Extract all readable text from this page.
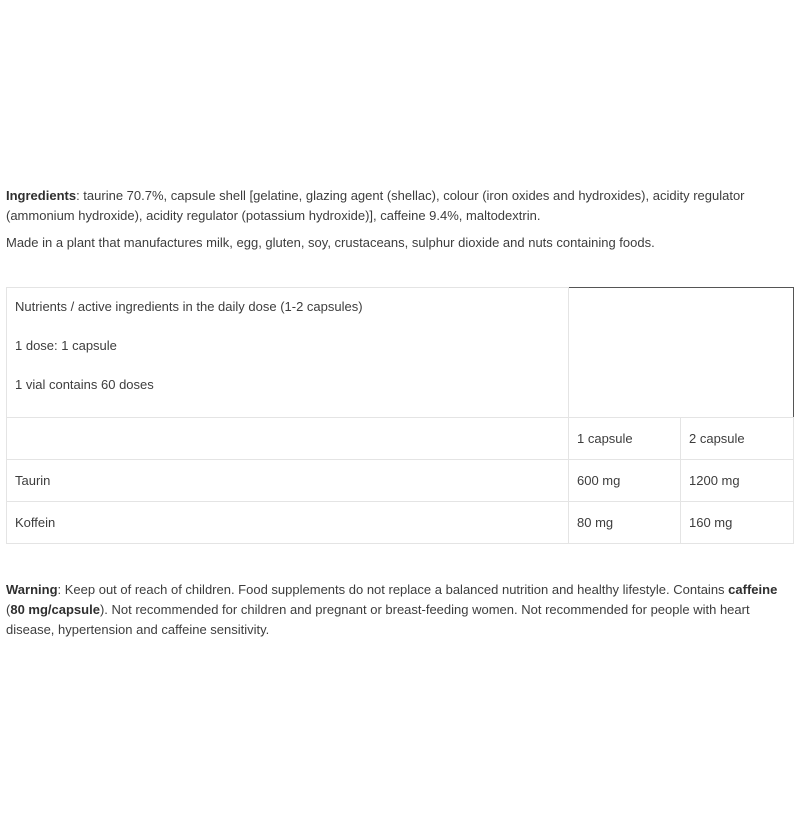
Ingredients: taurine 70.7%, capsule shell [gelatine, glazing agent (shellac), colour (iron oxides and hydroxides), acidity regulator (ammonium hydroxide), acidity regulator (potassium hydroxide)], caffeine 9.4%, maltodextrin.

Made in a plant that manufactures milk, egg, gluten, soy, crustaceans, sulphur dioxide and nuts containing foods.

Nutrients / active ingredients in the daily dose (1-2 capsules)
1 dose: 1 capsule
1 vial contains 60 doses		

	1 capsule	2 capsule
Taurin	600 mg	1200 mg
Koffein	80 mg	160 mg

Warning: Keep out of reach of children. Food supplements do not replace a balanced nutrition and healthy lifestyle. Contains caffeine (80 mg/capsule). Not recommended for children and pregnant or breast-feeding women. Not recommended for people with heart disease, hypertension and caffeine sensitivity.
